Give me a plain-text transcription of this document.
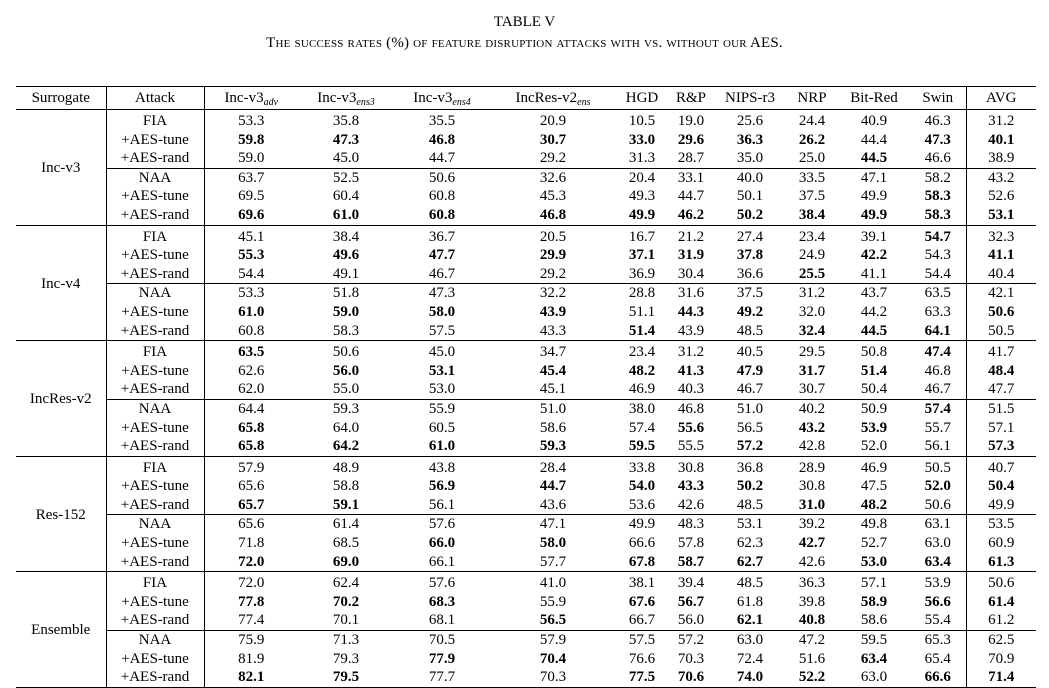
TABLE V
The success rates (%) of feature disruption attacks with vs. without our AES.
Surrogate	Attack	Inc-$v3_{adv}$	Inc-$v3_{ens3}$	Inc-$v3_{ens4}$	IncRes-$v2_{ens}$	HGD	R&P	NIPS-r3	NRP	Bit-Red	Swin	AVG
Inc-v3	FIA	53.3	35.8	35.5	20.9	10.5	19.0	25.6	24.4	40.9	46.3	31.2
	+AES-tune	59.8	47.3	46.8	30.7	33.0	29.6	36.3	26.2	44.4	47.3	40.1
	+AES-rand	59.0	45.0	44.7	29.2	31.3	28.7	35.0	25.0	44.5	46.6	38.9
	NAA	63.7	52.5	50.6	32.6	20.4	33.1	40.0	33.5	47.1	58.2	43.2
	+AES-tune	69.5	60.4	60.8	45.3	49.3	44.7	50.1	37.5	49.9	58.3	52.6
	+AES-rand	69.6	61.0	60.8	46.8	49.9	46.2	50.2	38.4	49.9	58.3	53.1
Inc-v4	FIA	45.1	38.4	36.7	20.5	16.7	21.2	27.4	23.4	39.1	54.7	32.3
	+AES-tune	55.3	49.6	47.7	29.9	37.1	31.9	37.8	24.9	42.2	54.3	41.1
	+AES-rand	54.4	49.1	46.7	29.2	36.9	30.4	36.6	25.5	41.1	54.4	40.4
	NAA	53.3	51.8	47.3	32.2	28.8	31.6	37.5	31.2	43.7	63.5	42.1
	+AES-tune	61.0	59.0	58.0	43.9	51.1	44.3	49.2	32.0	44.2	63.3	50.6
	+AES-rand	60.8	58.3	57.5	43.3	51.4	43.9	48.5	32.4	44.5	64.1	50.5
IncRes-v2	FIA	63.5	50.6	45.0	34.7	23.4	31.2	40.5	29.5	50.8	47.4	41.7
	+AES-tune	62.6	56.0	53.1	45.4	48.2	41.3	47.9	31.7	51.4	46.8	48.4
	+AES-rand	62.0	55.0	53.0	45.1	46.9	40.3	46.7	30.7	50.4	46.7	47.7
	NAA	64.4	59.3	55.9	51.0	38.0	46.8	51.0	40.2	50.9	57.4	51.5
	+AES-tune	65.8	64.0	60.5	58.6	57.4	55.6	56.5	43.2	53.9	55.7	57.1
	+AES-rand	65.8	64.2	61.0	59.3	59.5	55.5	57.2	42.8	52.0	56.1	57.3
Res-152	FIA	57.9	48.9	43.8	28.4	33.8	30.8	36.8	28.9	46.9	50.5	40.7
	+AES-tune	65.6	58.8	56.9	44.7	54.0	43.3	50.2	30.8	47.5	52.0	50.4
	+AES-rand	65.7	59.1	56.1	43.6	53.6	42.6	48.5	31.0	48.2	50.6	49.9
	NAA	65.6	61.4	57.6	47.1	49.9	48.3	53.1	39.2	49.8	63.1	53.5
	+AES-tune	71.8	68.5	66.0	58.0	66.6	57.8	62.3	42.7	52.7	63.0	60.9
	+AES-rand	72.0	69.0	66.1	57.7	67.8	58.7	62.7	42.6	53.0	63.4	61.3
Ensemble	FIA	72.0	62.4	57.6	41.0	38.1	39.4	48.5	36.3	57.1	53.9	50.6
	+AES-tune	77.8	70.2	68.3	55.9	67.6	56.7	61.8	39.8	58.9	56.6	61.4
	+AES-rand	77.4	70.1	68.1	56.5	66.7	56.0	62.1	40.8	58.6	55.4	61.2
	NAA	75.9	71.3	70.5	57.9	57.5	57.2	63.0	47.2	59.5	65.3	62.5
	+AES-tune	81.9	79.3	77.9	70.4	76.6	70.3	72.4	51.6	63.4	65.4	70.9
	+AES-rand	82.1	79.5	77.7	70.3	77.5	70.6	74.0	52.2	63.0	66.6	71.4
